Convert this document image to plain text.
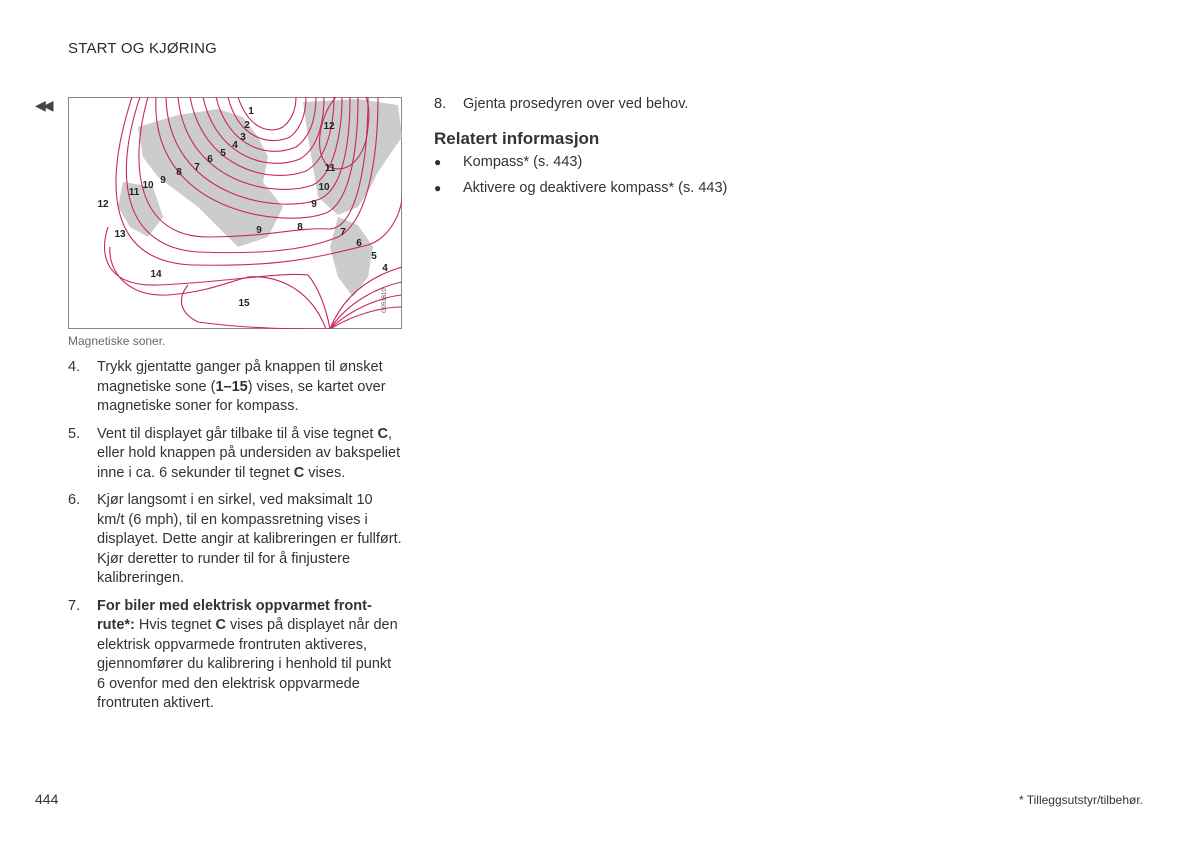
START OG KJØRING
◀◀	1
2
3
4
5
6
7
8
9
10
11
12
13
14
15
12
11
10
9
9	8	7
6
5
4
G051810
Magnetiske soner.
4.	Trykk gjentatte ganger på knappen til ønsket magnetiske sone (1–15) vises, se kartet over magnetiske soner for kompass.
5.	Vent til displayet går tilbake til å vise tegnet C, eller hold knappen på undersiden av bakspeliet inne i ca. 6 sekunder til tegnet C vises.
6.	Kjør langsomt i en sirkel, ved maksimalt 10 km/t (6 mph), til en kompassretning vises i displayet. Dette angir at kalibreringen er fullført. Kjør deretter to runder til for å finjustere kalibreringen.
7.	For biler med elektrisk oppvarmet frontrute*: Hvis tegnet C vises på displayet når den elektrisk oppvarmede frontruten aktiveres, gjennomfører du kalibrering i henhold til punkt 6 ovenfor med den elektrisk oppvarmede frontruten aktivert.
8.	Gjenta prosedyren over ved behov.
Relatert informasjon
●	Kompass* (s. 443)
●	Aktivere og deaktivere kompass* (s. 443)
444	* Tilleggsutstyr/tilbehør.
